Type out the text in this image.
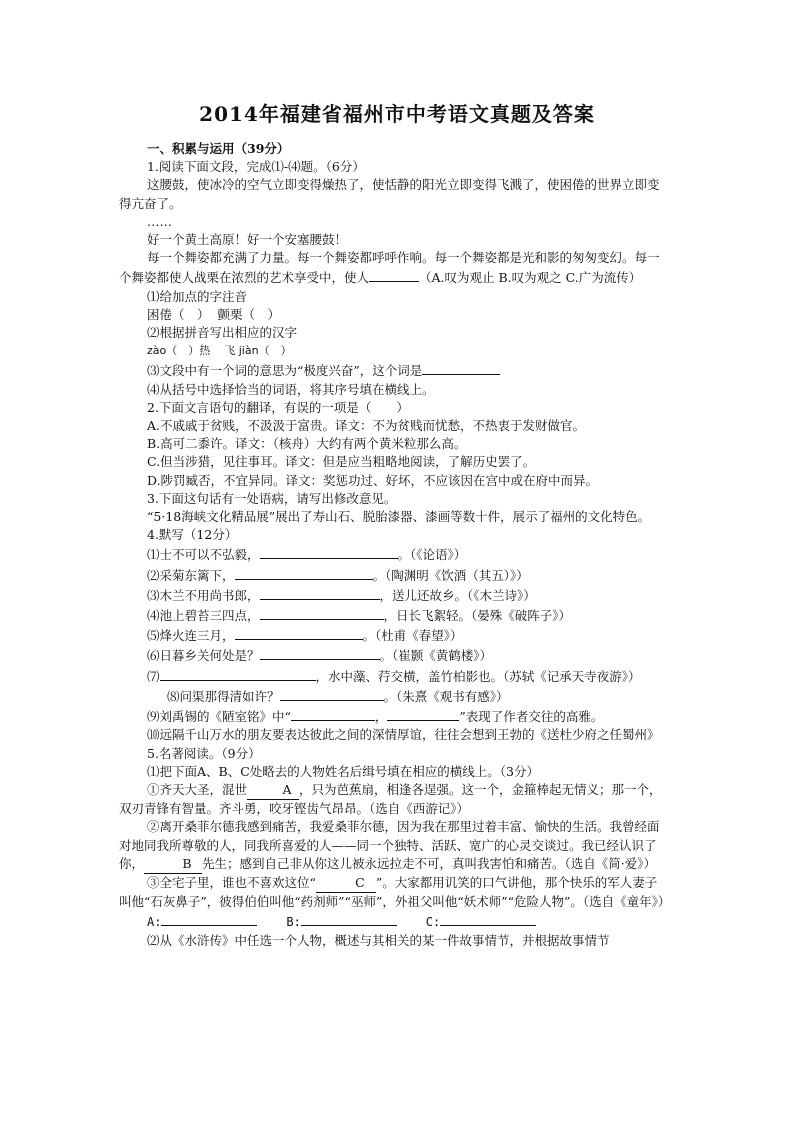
2014年福建省福州市中考语文真题及答案

一、积累与运用（39分）

1.阅读下面文段，完成⑴-⑷题。（6分）

这腰鼓，使冰冷的空气立即变得燥热了，使恬静的阳光立即变得飞溅了，使困倦的世界立即变得亢奋了。

……

好一个黄土高原！好一个安塞腰鼓！

每一个舞姿都充满了力量。每一个舞姿都呼呼作响。每一个舞姿都是光和影的匆匆变幻。每一个舞姿都使人战栗在浓烈的艺术享受中，使人	（A.叹为观止 B.叹为观之 C.广为流传）

⑴给加点的字注音

困倦（　） 颤栗（　）

⑵根据拼音写出相应的汉字

zào（　）热 飞 jiàn（　）

⑶文段中有一个词的意思为“极度兴奋”，这个词是

⑷从括号中选择恰当的词语，将其序号填在横线上。

2.下面文言语句的翻译，有误的一项是（　　）

A.不戚戚于贫贱，不汲汲于富贵。译文：不为贫贱而忧愁，不热衷于发财做官。

B.高可二黍许。译文：（核舟）大约有两个黄米粒那么高。

C.但当涉猎，见往事耳。译文：但是应当粗略地阅读，了解历史罢了。

D.陟罚臧否，不宜异同。译文：奖惩功过、好坏，不应该因在宫中或在府中而异。

3.下面这句话有一处语病，请写出修改意见。

“5·18海峡文化精品展”展出了寿山石、脱胎漆器、漆画等数十件，展示了福州的文化特色。

4.默写（12分）

⑴士不可以不弘毅，	。（《论语》）

⑵采菊东篱下，	。（陶渊明《饮酒（其五）》）

⑶木兰不用尚书郎，	，送儿还故乡。（《木兰诗》）

⑷池上碧苔三四点，	，日长飞絮轻。（晏殊《破阵子》）

⑸烽火连三月，	。（杜甫《春望》）

⑹日暮乡关何处是？	。（崔颢《黄鹤楼》）

⑺	，水中藻、荇交横，盖竹柏影也。（苏轼《记承天寺夜游》）

⑻问渠那得清如许？	。（朱熹《观书有感》）

⑼刘禹锡的《陋室铭》中“	，	”表现了作者交往的高雅。

⑽远隔千山万水的朋友要表达彼此之间的深情厚谊，往往会想到王勃的《送杜少府之任蜀州》

5.名著阅读。（9分）

⑴把下面A、B、C处略去的人物姓名后缉号填在相应的横线上。（3分）

①齐天大圣，混世	A ，只为芭蕉扇，相逢各逞强。这一个，金箍棒起无情义；那一个，双刃青锋有智量。齐斗勇，咬牙铿齿气昂昂。（选自《西游记》）

②离开桑菲尔德我感到痛苦，我爱桑菲尔德，因为我在那里过着丰富、愉快的生活。我曾经面对地同我所尊敬的人，同我所喜爱的人——同一个独特、活跃、宽广的心灵交谈过。我已经认识了你，	B 先生；感到自己非从你这儿被永远拉走不可，真叫我害怕和痛苦。（选自《简·爱》）

③全宅子里，谁也不喜欢这位“	C ”。大家都用讥笑的口气讲他，那个快乐的军人妻子叫他“石灰鼻子”，彼得伯伯叫他“药剂师”“巫师”，外祖父叫他“妖术师”“危险人物”。（选自《童年》）

A:	B:	C:

⑵从《水浒传》中任选一个人物，概述与其相关的某一件故事情节，并根据故事情节
